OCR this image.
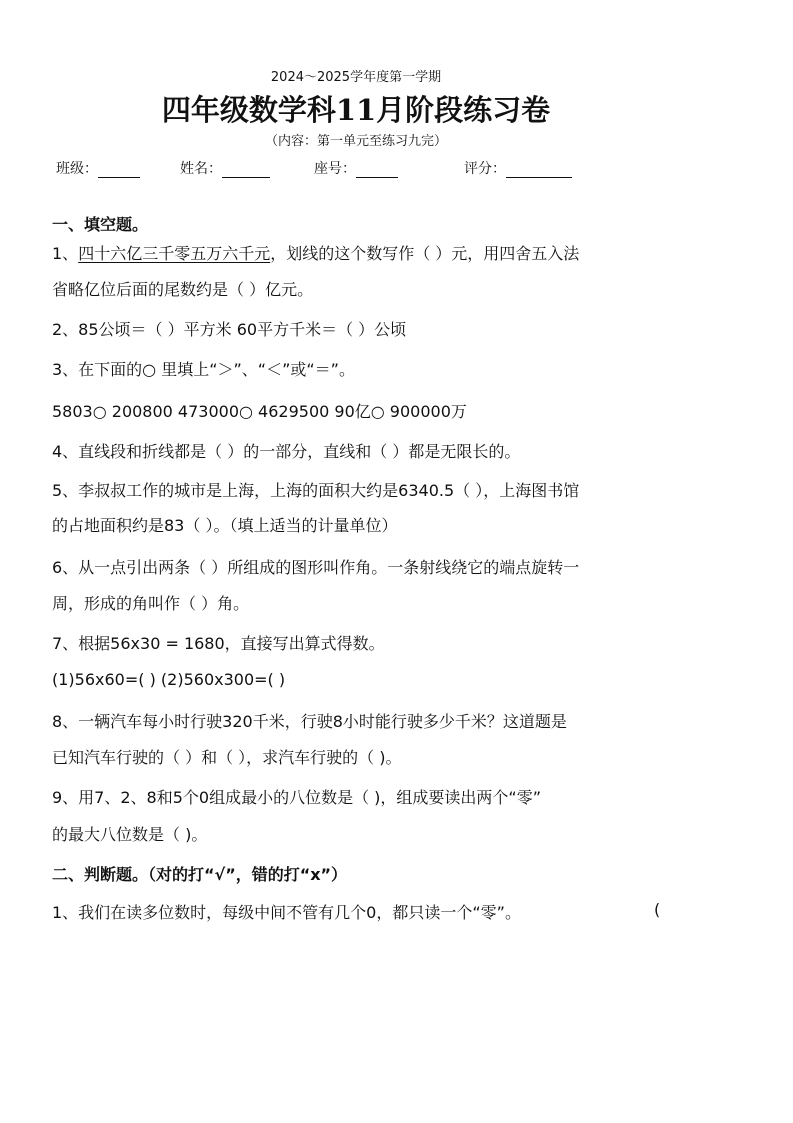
2024～2025学年度第一学期
四年级数学科11月阶段练习卷
（内容：第一单元至练习九完）
班级：	姓名：	座号：	评分：
一、填空题。
1、四十六亿三千零五万六千元，划线的这个数写作（ ）元，用四舍五入法
省略亿位后面的尾数约是（ ）亿元。
2、85公顷＝（ ）平方米 60平方千米＝（ ）公顷
3、在下面的○ 里填上“＞”、“＜”或“＝”。
5803○ 200800 473000○ 4629500 90亿○ 900000万
4、直线段和折线都是（ ）的一部分，直线和（ ）都是无限长的。
5、李叔叔工作的城市是上海，上海的面积大约是6340.5（ ），上海图书馆
的占地面积约是83（ ）。（填上适当的计量单位）
6、从一点引出两条（ ）所组成的图形叫作角。一条射线绕它的端点旋转一
周，形成的角叫作（ ）角。
7、根据56x30 = 1680，直接写出算式得数。
(1)56x60=( ) (2)560x300=( )
8、一辆汽车每小时行驶320千米，行驶8小时能行驶多少千米？这道题是
已知汽车行驶的（ ）和（ ），求汽车行驶的（ )。
9、用7、2、8和5个0组成最小的八位数是（ )，组成要读出两个“零”
的最大八位数是（ )。
二、判断题。（对的打“√”，错的打“x”）
1、我们在读多位数时，每级中间不管有几个0，都只读一个“零”。	(
